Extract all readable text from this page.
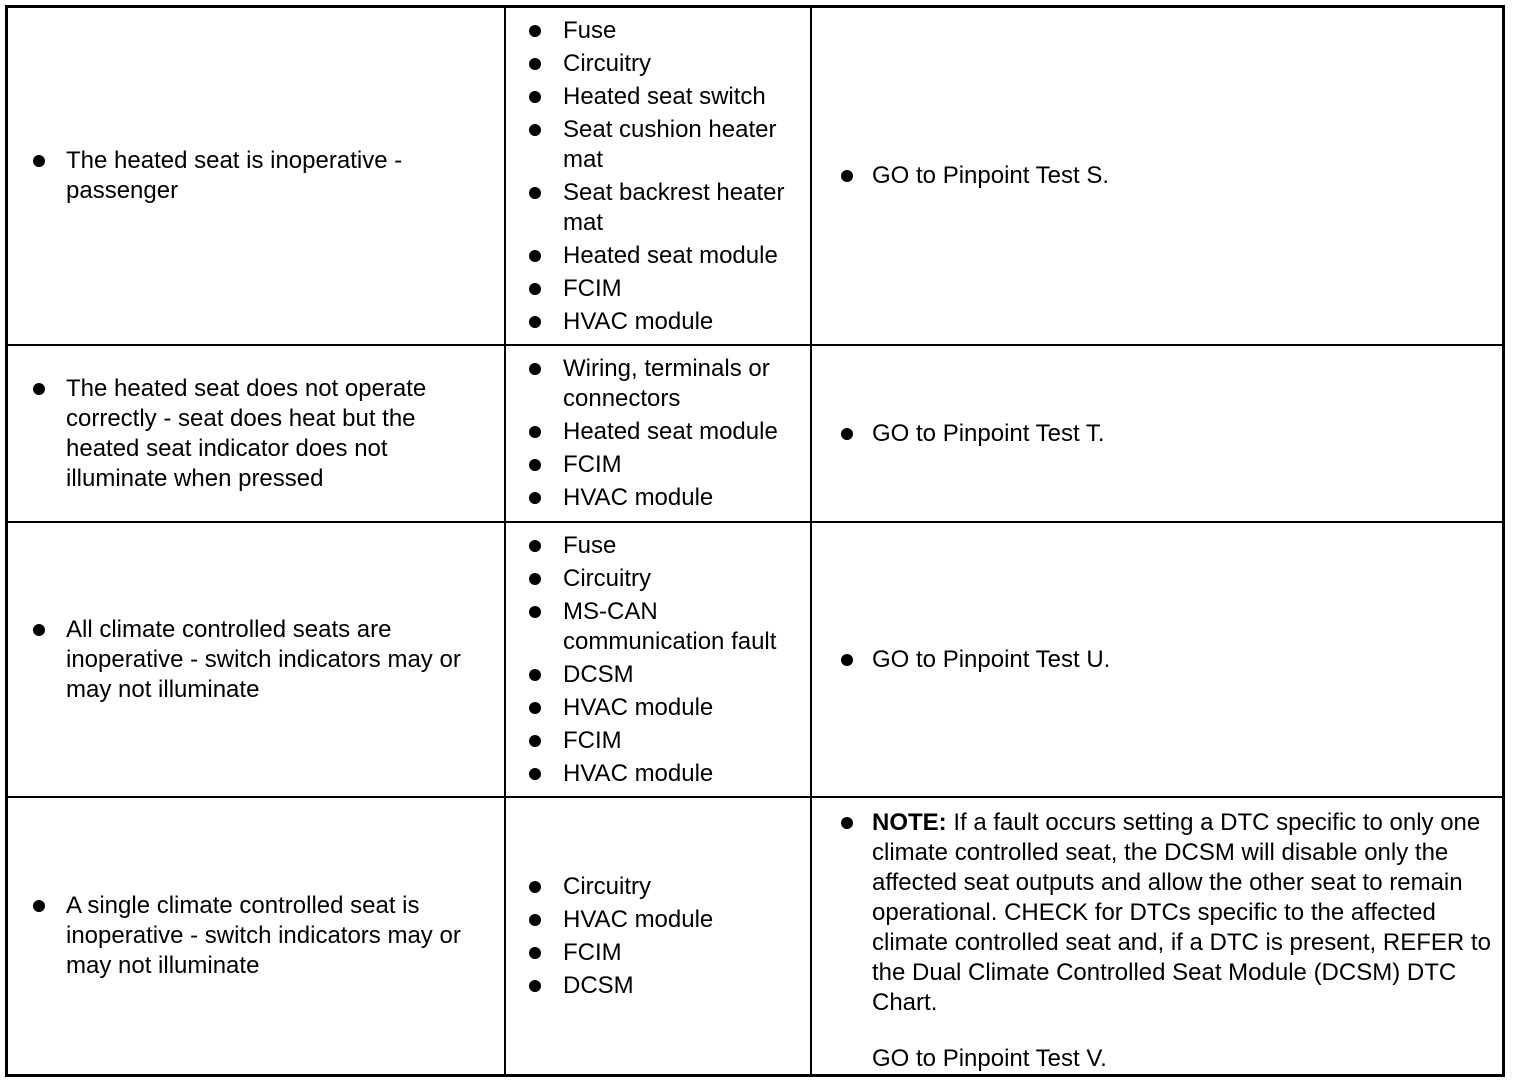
The heated seat is inoperative - passenger
Fuse
Circuitry
Heated seat switch
Seat cushion heater mat
Seat backrest heater mat
Heated seat module
FCIM
HVAC module
GO to Pinpoint Test S.
The heated seat does not operate correctly - seat does heat but the heated seat indicator does not illuminate when pressed
Wiring, terminals or connectors
Heated seat module
FCIM
HVAC module
GO to Pinpoint Test T.
All climate controlled seats are inoperative - switch indicators may or may not illuminate
Fuse
Circuitry
MS-CAN communication fault
DCSM
HVAC module
FCIM
HVAC module
GO to Pinpoint Test U.
A single climate controlled seat is inoperative - switch indicators may or may not illuminate
Circuitry
HVAC module
FCIM
DCSM
NOTE: If a fault occurs setting a DTC specific to only one climate controlled seat, the DCSM will disable only the affected seat outputs and allow the other seat to remain operational. CHECK for DTCs specific to the affected climate controlled seat and, if a DTC is present, REFER to the Dual Climate Controlled Seat Module (DCSM) DTC Chart.
GO to Pinpoint Test V.
